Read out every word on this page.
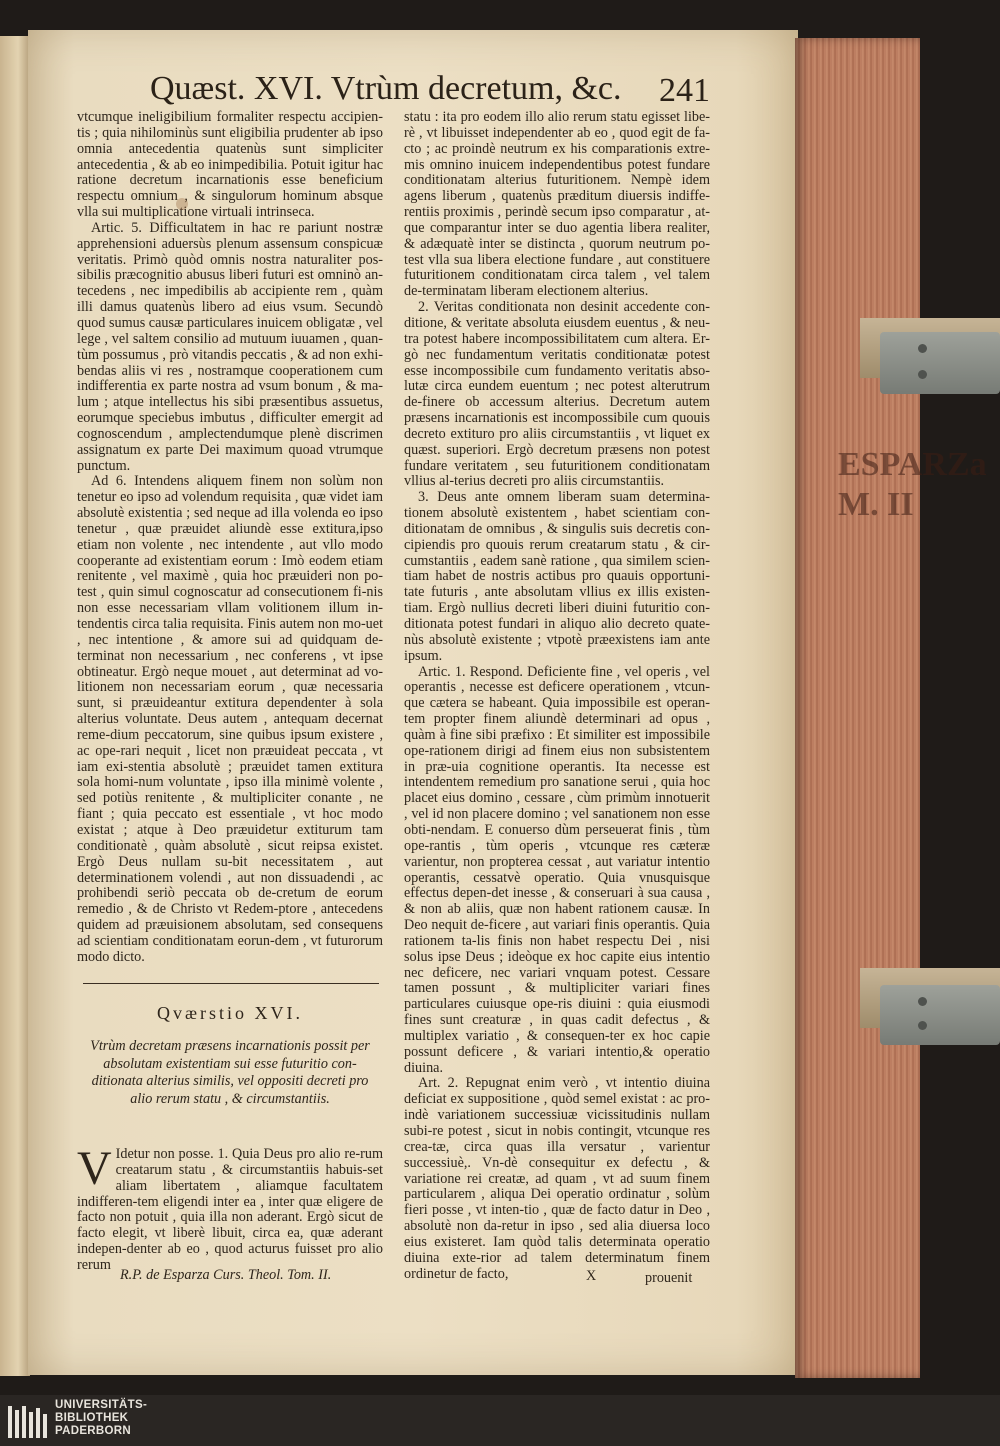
ESPARZa
M. II
Quæst. XVI. Vtrùm decretum, &c. 241

vtcumque ineligibilium formaliter respectu accipien-tis ; quia nihilominùs sunt eligibilia prudenter ab ipso omnia antecedentia quatenùs sunt simpliciter antecedentia , & ab eo inimpedibilia. Potuit igitur hac ratione decretum incarnationis esse beneficium respectu omnium , & singulorum hominum absque vlla sui multiplicatione virtuali intrinseca.

Artic. 5. Difficultatem in hac re pariunt nostræ apprehensioni aduersùs plenum assensum conspicuæ veritatis. Primò quòd omnis nostra naturaliter pos-sibilis præcognitio abusus liberi futuri est omninò an-tecedens , nec impedibilis ab accipiente rem , quàm illi damus quatenùs libero ad eius vsum. Secundò quod sumus causæ particulares inuicem obligatæ , vel lege , vel saltem consilio ad mutuum iuuamen , quan-tùm possumus , prò vitandis peccatis , & ad non exhi-bendas aliis vi res , nostramque cooperationem cum indifferentia ex parte nostra ad vsum bonum , & ma-lum ; atque intellectus his sibi præsentibus assuetus, eorumque speciebus imbutus , difficulter emergit ad cognoscendum , amplectendumque plenè discrimen assignatum ex parte Dei maximum quoad vtrumque punctum.

Ad 6. Intendens aliquem finem non solùm non tenetur eo ipso ad volendum requisita , quæ videt iam absolutè existentia ; sed neque ad illa volenda eo ipso tenetur , quæ præuidet aliundè esse extitura,ipso etiam non volente , nec intendente , aut vllo modo cooperante ad existentiam eorum : Imò eodem etiam renitente , vel maximè , quia hoc præuideri non po-test , quin simul cognoscatur ad consecutionem fi-nis non esse necessariam vllam volitionem illum in-tendentis circa talia requisita. Finis autem non mo-uet , nec intentione , & amore sui ad quidquam de-terminat non necessarium , nec conferens , vt ipse obtineatur. Ergò neque mouet , aut determinat ad vo-litionem non necessariam eorum , quæ necessaria sunt, si præuideantur extitura dependenter à sola alterius voluntate. Deus autem , antequam decernat reme-dium peccatorum, sine quibus ipsum existere , ac ope-rari nequit , licet non præuideat peccata , vt iam exi-stentia absolutè ; præuidet tamen extitura sola homi-num voluntate , ipso illa minimè volente , sed potiùs renitente , & multipliciter conante , ne fiant ; quia peccato est essentiale , vt hoc modo existat ; atque à Deo præuidetur extiturum tam conditionatè , quàm absolutè , sicut reipsa existet. Ergò Deus nullam su-bit necessitatem , aut determinationem volendi , aut non dissuadendi , ac prohibendi seriò peccata ob de-cretum de eorum remedio , & de Christo vt Redem-ptore , antecedens quidem ad præuisionem absolutam, sed consequens ad scientiam conditionatam eorun-dem , vt futurorum modo dicto.

Qværstio XVI.
Vtrùm decretam præsens incarnationis possit per absolutam existentiam sui esse futuritio con-ditionata alterius similis, vel oppositi decreti pro alio rerum statu , & circumstantiis.
V Idetur non posse. 1. Quia Deus pro alio re-rum creatarum statu , & circumstantiis habuis-set aliam libertatem , aliamque facultatem indifferen-tem eligendi inter ea , inter quæ eligere de facto non potuit , quia illa non aderant. Ergò sicut de facto elegit, vt liberè libuit, circa ea, quæ aderant indepen-denter ab eo , quod acturus fuisset pro alio rerum

R.P. de Esparza Curs. Theol. Tom. II.

statu : ita pro eodem illo alio rerum statu egisset libe-rè , vt libuisset independenter ab eo , quod egit de fa-cto ; ac proindè neutrum ex his comparationis extre-mis omnino inuicem independentibus potest fundare conditionatam alterius futuritionem. Nempè idem agens liberum , quatenùs præditum diuersis indiffe-rentiis proximis , perindè secum ipso comparatur , at-que comparantur inter se duo agentia libera realiter, & adæquatè inter se distincta , quorum neutrum po-test vlla sua libera electione fundare , aut constituere futuritionem conditionatam circa talem , vel talem de-terminatam liberam electionem alterius.

2. Veritas conditionata non desinit accedente con-ditione, & veritate absoluta eiusdem euentus , & neu-tra potest habere incompossibilitatem cum altera. Er-gò nec fundamentum veritatis conditionatæ potest esse incompossibile cum fundamento veritatis abso-lutæ circa eundem euentum ; nec potest alterutrum de-finere ob accessum alterius. Decretum autem præsens incarnationis est incompossibile cum quouis decreto extituro pro aliis circumstantiis , vt liquet ex quæst. superiori. Ergò decretum præsens non potest fundare veritatem , seu futuritionem conditionatam vllius al-terius decreti pro aliis circumstantiis.

3. Deus ante omnem liberam suam determina-tionem absolutè existentem , habet scientiam con-ditionatam de omnibus , & singulis suis decretis con-cipiendis pro quouis rerum creatarum statu , & cir-cumstantiis , eadem sanè ratione , qua similem scien-tiam habet de nostris actibus pro quauis opportuni-tate futuris , ante absolutam vllius ex illis existen-tiam. Ergò nullius decreti liberi diuini futuritio con-ditionata potest fundari in aliquo alio decreto quate-nùs absolutè existente ; vtpotè præexistens iam ante ipsum.

Artic. 1. Respond. Deficiente fine , vel operis , vel operantis , necesse est deficere operationem , vtcun-que cætera se habeant. Quia impossibile est operan-tem propter finem aliundè determinari ad opus , quàm à fine sibi præfixo : Et similiter est impossibile ope-rationem dirigi ad finem eius non subsistentem in præ-uia cognitione operantis. Ita necesse est intendentem remedium pro sanatione serui , quia hoc placet eius domino , cessare , cùm primùm innotuerit , vel id non placere domino ; vel sanationem non esse obti-nendam. E conuerso dùm perseuerat finis , tùm ope-rantis , tùm operis , vtcunque res cæteræ varientur, non propterea cessat , aut variatur intentio operantis, cessatvè operatio. Quia vnusquisque effectus depen-det inesse , & conseruari à sua causa , & non ab aliis, quæ non habent rationem causæ. In Deo nequit de-ficere , aut variari finis operantis. Quia rationem ta-lis finis non habet respectu Dei , nisi solus ipse Deus ; ideòque ex hoc capite eius intentio nec deficere, nec variari vnquam potest. Cessare tamen possunt , & multipliciter variari fines particulares cuiusque ope-ris diuini : quia eiusmodi fines sunt creaturæ , in quas cadit defectus , & multiplex variatio , & consequen-ter ex hoc capie possunt deficere , & variari intentio,& operatio diuina.

Art. 2. Repugnat enim verò , vt intentio diuina deficiat ex suppositione , quòd semel existat : ac pro-indè variationem successiuæ vicissitudinis nullam subi-re potest , sicut in nobis contingit, vtcunque res crea-tæ, circa quas illa versatur , varientur successiuè,. Vn-dè consequitur ex defectu , & variatione rei creatæ, ad quam , vt ad suum finem particularem , aliqua Dei operatio ordinatur , solùm fieri posse , vt inten-tio , quæ de facto datur in Deo , absolutè non da-retur in ipso , sed alia diuersa loco eius existeret. Iam quòd talis determinata operatio diuina exte-rior ad talem determinatum finem ordinetur de facto,	X	prouenit
UNIVERSITÄTS-
BIBLIOTHEK
PADERBORN
